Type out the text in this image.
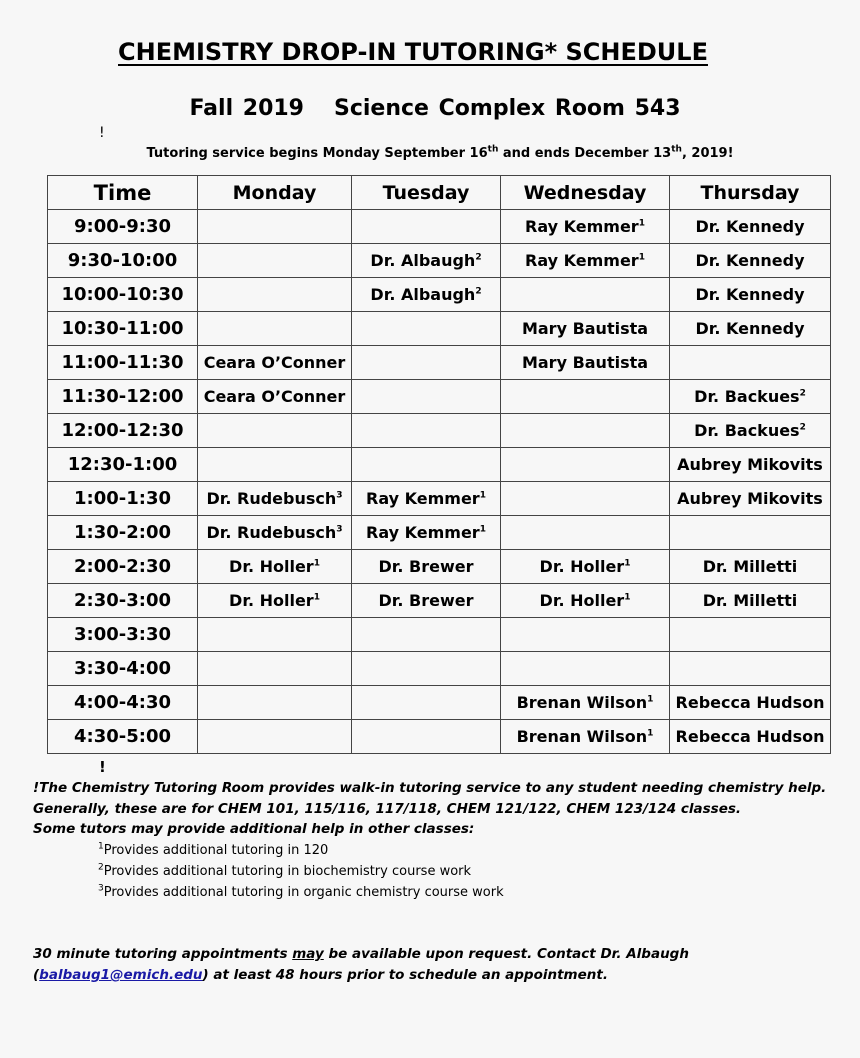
CHEMISTRY DROP-IN TUTORING* SCHEDULE
Fall 2019 Science Complex Room 543
!
Tutoring service begins Monday September 16th and ends December 13th, 2019!
Time	Monday	Tuesday	Wednesday	Thursday
9:00-9:30			Ray Kemmer$^1$	Dr. Kennedy
9:30-10:00		Dr. Albaugh$^2$	Ray Kemmer$^1$	Dr. Kennedy
10:00-10:30		Dr. Albaugh$^2$		Dr. Kennedy
10:30-11:00			Mary Bautista	Dr. Kennedy
11:00-11:30	Ceara O’Conner		Mary Bautista	
11:30-12:00	Ceara O’Conner			Dr. Backues$^2$
12:00-12:30				Dr. Backues$^2$
12:30-1:00				Aubrey Mikovits
1:00-1:30	Dr. Rudebusch$^3$	Ray Kemmer$^1$		Aubrey Mikovits
1:30-2:00	Dr. Rudebusch$^3$	Ray Kemmer$^1$		
2:00-2:30	Dr. Holler$^1$	Dr. Brewer	Dr. Holler$^1$	Dr. Milletti
2:30-3:00	Dr. Holler$^1$	Dr. Brewer	Dr. Holler$^1$	Dr. Milletti
3:00-3:30				
3:30-4:00				
4:00-4:30			Brenan Wilson$^1$	Rebecca Hudson
4:30-5:00			Brenan Wilson$^1$	Rebecca Hudson
!

!The Chemistry Tutoring Room provides walk-in tutoring service to any student needing chemistry help.

Generally, these are for CHEM 101, 115/116, 117/118, CHEM 121/122, CHEM 123/124 classes.

Some tutors may provide additional help in other classes:

$^1$Provides additional tutoring in 120

$^2$Provides additional tutoring in biochemistry course work

$^3$Provides additional tutoring in organic chemistry course work

30 minute tutoring appointments may be available upon request. Contact Dr. Albaugh

(balbaug1@emich.edu) at least 48 hours prior to schedule an appointment.
